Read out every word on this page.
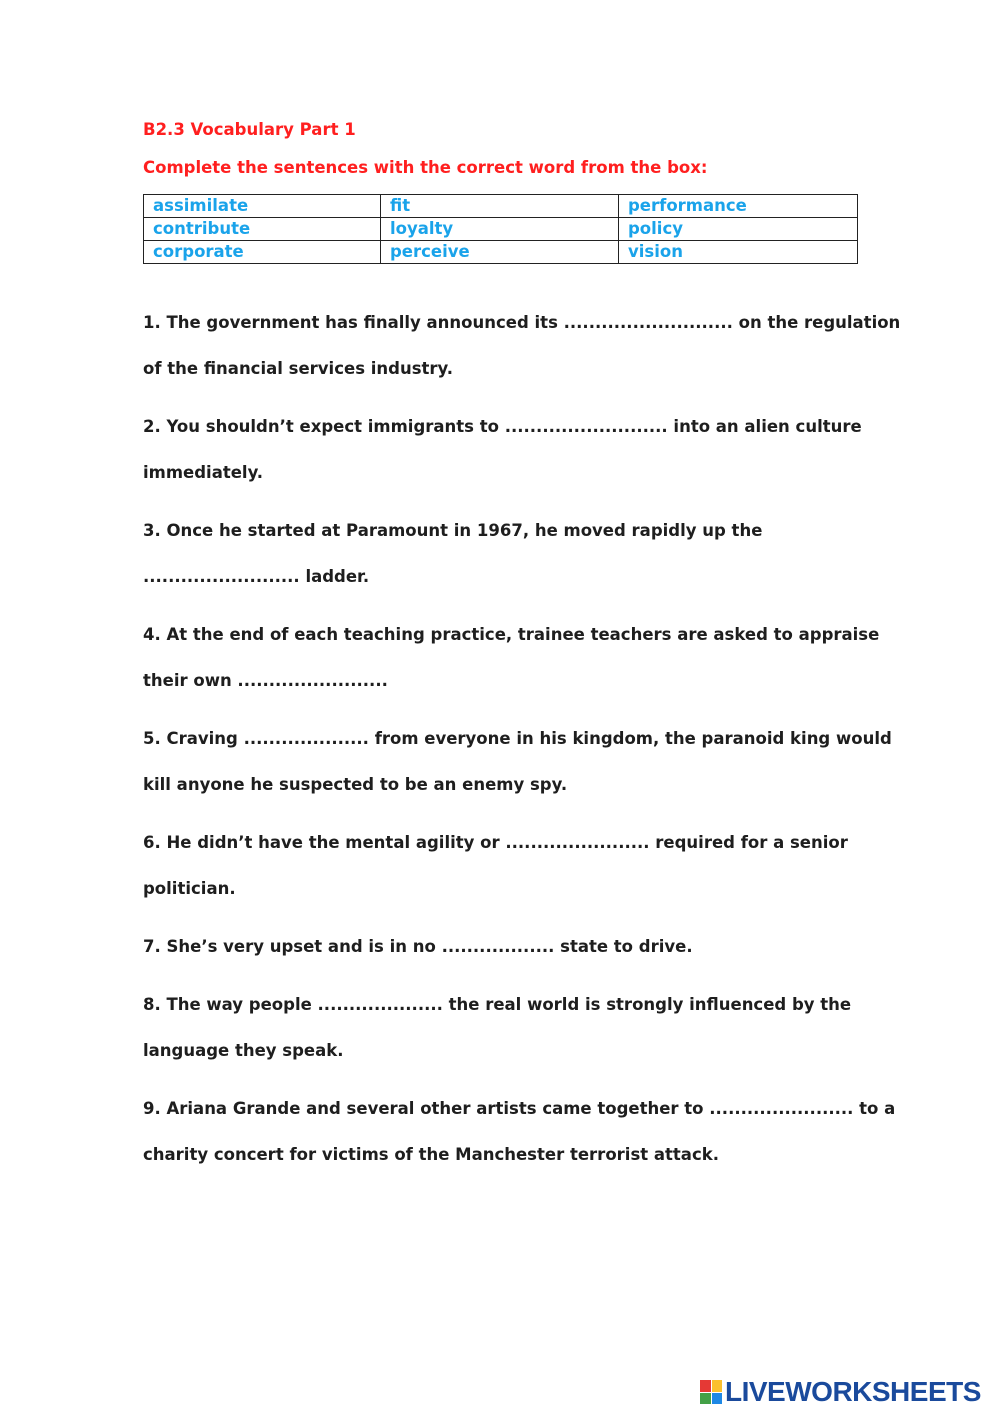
B2.3 Vocabulary Part 1
Complete the sentences with the correct word from the box:
assimilate	fit	performance
contribute	loyalty	policy
corporate	perceive	vision

1. The government has finally announced its ........................... on the regulation of the financial services industry.

2. You shouldn’t expect immigrants to .......................... into an alien culture immediately.

3. Once he started at Paramount in 1967, he moved rapidly up the ......................... ladder.

4. At the end of each teaching practice, trainee teachers are asked to appraise their own ........................

5. Craving .................... from everyone in his kingdom, the paranoid king would kill anyone he suspected to be an enemy spy.

6. He didn’t have the mental agility or ....................... required for a senior politician.

7. She’s very upset and is in no .................. state to drive.

8. The way people .................... the real world is strongly influenced by the language they speak.

9. Ariana Grande and several other artists came together to ....................... to a charity concert for victims of the Manchester terrorist attack.

LIVEWORKSHEETS
